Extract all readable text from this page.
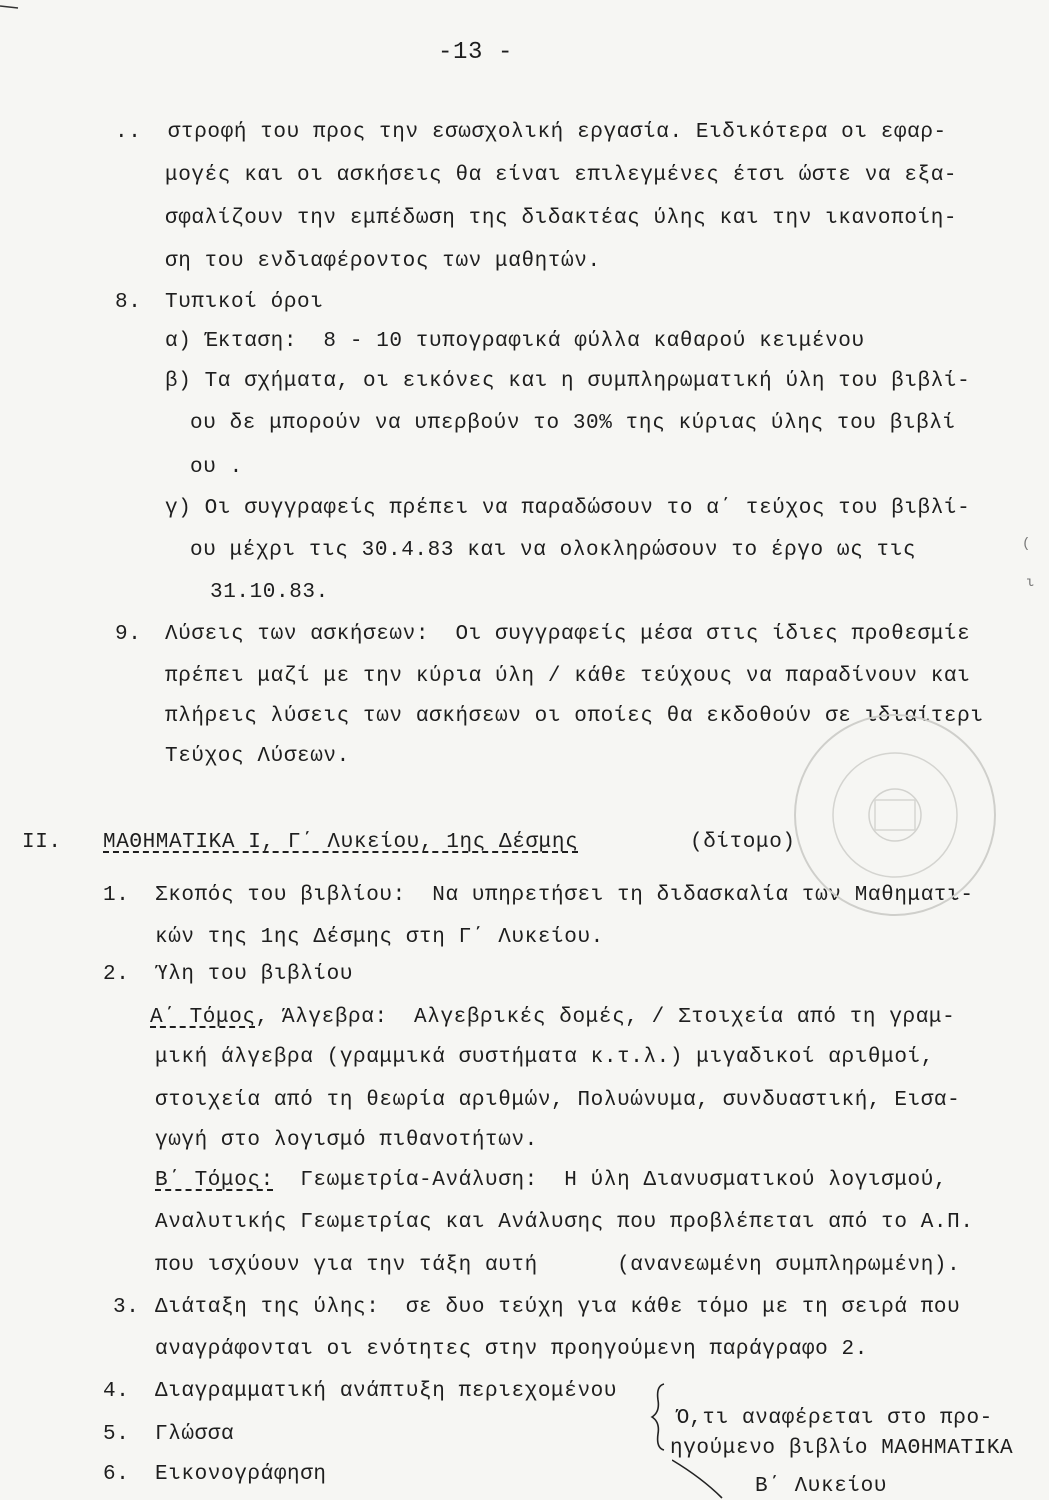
-13 -
..  στροφή του προς την εσωσχολική εργασία. Ειδικότερα οι εφαρ-
μογές και οι ασκήσεις θα είναι επιλεγμένες έτσι ώστε να εξα-
σφαλίζουν την εμπέδωση της διδακτέας ύλης και την ικανοποίη-
ση του ενδιαφέροντος των μαθητών.
8. Τυπικοί όροι
α) Έκταση:  8 - 10 τυπογραφικά φύλλα καθαρού κειμένου
β) Τα σχήματα, οι εικόνες και η συμπληρωματική ύλη του βιβλί-
ου δε μπορούν να υπερβούν το 30% της κύριας ύλης του βιβλί
ου .
γ) Οι συγγραφείς πρέπει να παραδώσουν το α΄ τεύχος του βιβλί-
ου μέχρι τις 30.4.83 και να ολοκληρώσουν το έργο ως τις
31.10.83.
9. Λύσεις των ασκήσεων:  Οι συγγραφείς μέσα στις ίδιες προθεσμίε
πρέπει μαζί με την κύρια ύλη / κάθε τεύχους να παραδίνουν και
πλήρεις λύσεις των ασκήσεων οι οποίες θα εκδοθούν σε ιδιαίτερι
Τεύχος Λύσεων.
II. ΜΑΘΗΜΑΤΙΚΑ Ι, Γ΄ Λυκείου, 1ης Δέσμης	(δίτομο)
1. Σκοπός του βιβλίου:  Να υπηρετήσει τη διδασκαλία των Μαθηματι-
κών της 1ης Δέσμης στη Γ΄ Λυκείου.
2. Ύλη του βιβλίου
Α΄ Τόμος, Άλγεβρα:  Αλγεβρικές δομές, / Στοιχεία από τη γραμ-
μική άλγεβρα (γραμμικά συστήματα κ.τ.λ.) μιγαδικοί αριθμοί,
στοιχεία από τη θεωρία αριθμών, Πολυώνυμα, συνδυαστική, Εισα-
γωγή στο λογισμό πιθανοτήτων.
Β΄ Τόμος:  Γεωμετρία-Ανάλυση:  Η ύλη Διανυσματικού λογισμού,
Αναλυτικής Γεωμετρίας και Ανάλυσης που προβλέπεται από το Α.Π.
που ισχύουν για την τάξη αυτή      (ανανεωμένη συμπληρωμένη).
3. Διάταξη της ύλης:  σε δυο τεύχη για κάθε τόμο με τη σειρά που
αναγράφονται οι ενότητες στην προηγούμενη παράγραφο 2.
4. Διαγραμματική ανάπτυξη περιεχομένου
5. Γλώσσα
6. Εικονογράφηση
Ό,τι αναφέρεται στο προ-
ηγούμενο βιβλίο ΜΑΘΗΜΑΤΙΚΑ
Β΄ Λυκείου
(
ι
